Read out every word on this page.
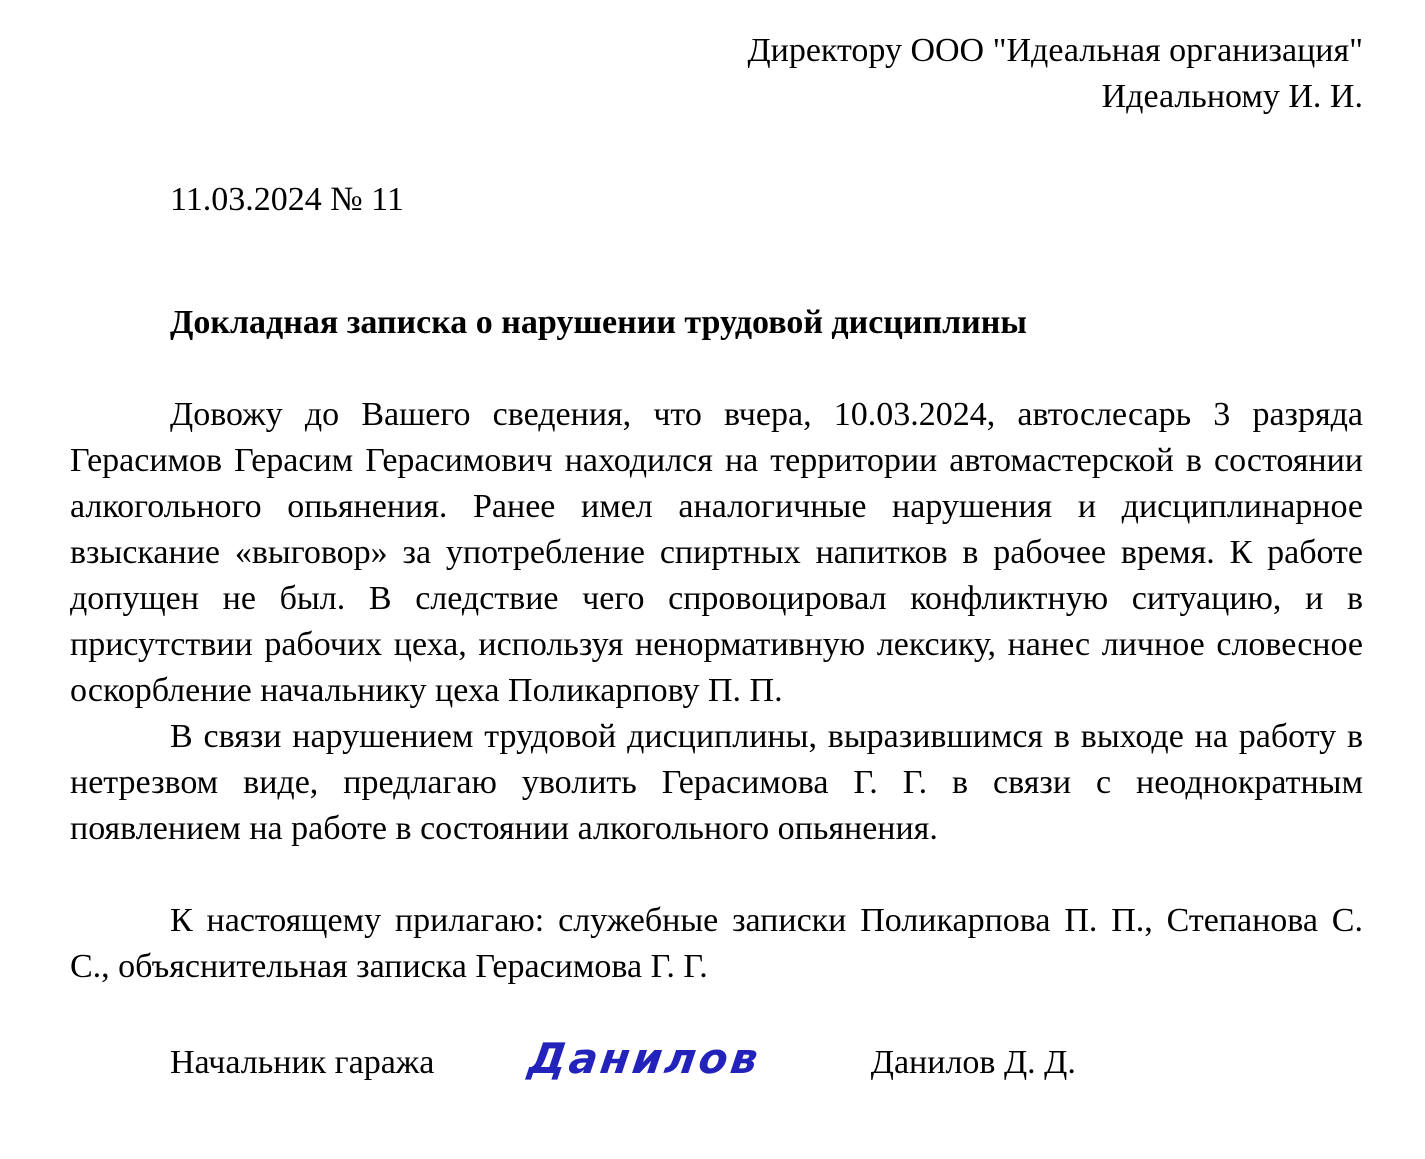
Директору ООО "Идеальная организация"
Идеальному И. И.
11.03.2024 № 11
Докладная записка о нарушении трудовой дисциплины

Довожу до Вашего сведения, что вчера, 10.03.2024, автослесарь 3 разряда Герасимов Герасим Герасимович находился на территории автомастерской в состоянии алкогольного опьянения. Ранее имел аналогичные нарушения и дисциплинарное взыскание «выговор» за употребление спиртных напитков в рабочее время. К работе допущен не был. В следствие чего спровоцировал конфликтную ситуацию, и в присутствии рабочих цеха, используя ненормативную лексику, нанес личное словесное оскорбление начальнику цеха Поликарпову П. П.

В связи нарушением трудовой дисциплины, выразившимся в выходе на работу в нетрезвом виде, предлагаю уволить Герасимова Г. Г. в связи с неоднократным появлением на работе в состоянии алкогольного опьянения.

К настоящему прилагаю: служебные записки Поликарпова П. П., Степанова С. С., объяснительная записка Герасимова Г. Г.

Начальник гаража Данилов	Данилов Д. Д.
